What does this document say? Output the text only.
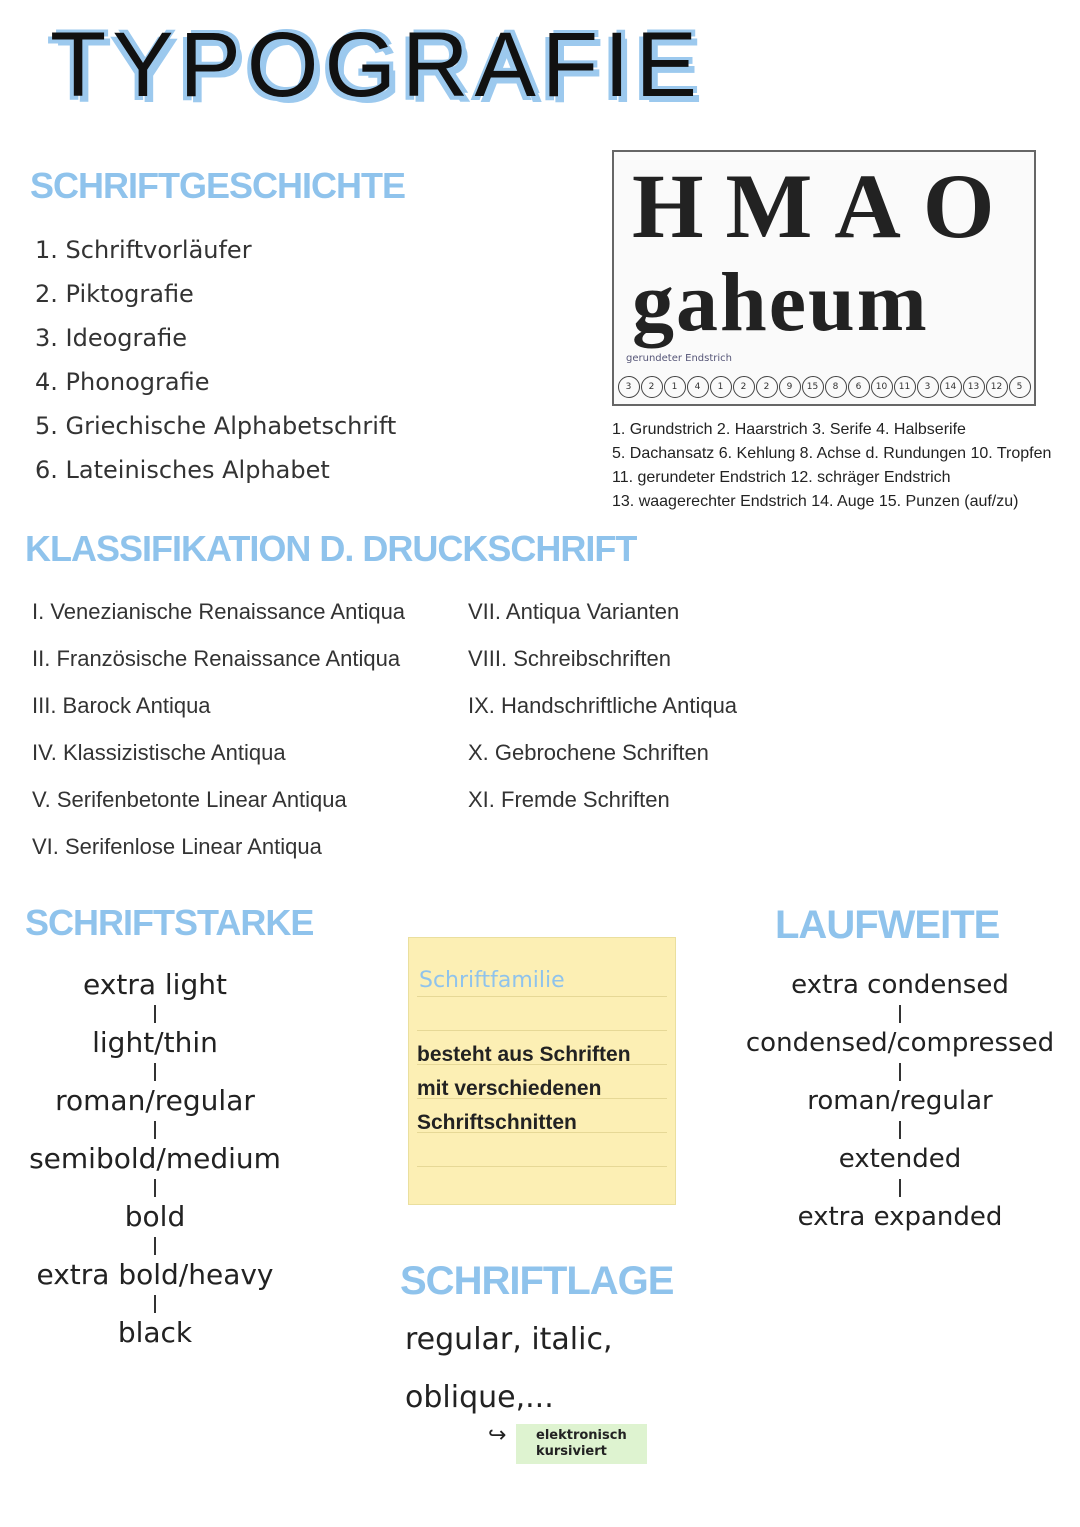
TYPOGRAFIE
SCHRIFTGESCHICHTE
1. Schriftvorläufer
2. Piktografie
3. Ideografie
4. Phonografie
5. Griechische Alphabetschrift
6. Lateinisches Alphabet
HMAO
gaheum
gerundeter Endstrich
3	2	1	4	1	2	2	9	15	8	6	10	11	3	14	13	12	5
1. Grundstrich 2. Haarstrich 3. Serife 4. Halbserife
5. Dachansatz 6. Kehlung 8. Achse d. Rundungen 10. Tropfen
11. gerundeter Endstrich 12. schräger Endstrich
13. waagerechter Endstrich 14. Auge 15. Punzen (auf/zu)
KLASSIFIKATION D. DRUCKSCHRIFT
I. Venezianische Renaissance Antiqua
II. Französische Renaissance Antiqua
III. Barock Antiqua
IV. Klassizistische Antiqua
V. Serifenbetonte Linear Antiqua
VI. Serifenlose Linear Antiqua
VII. Antiqua Varianten
VIII. Schreibschriften
IX. Handschriftliche Antiqua
X. Gebrochene Schriften
XI. Fremde Schriften
SCHRIFTSTARKE
extra light
light/thin
roman/regular
semibold/medium
bold
extra bold/heavy
black
Schriftfamilie
besteht aus Schriften
mit verschiedenen
Schriftschnitten
LAUFWEITE
extra condensed
condensed/compressed
roman/regular
extended
extra expanded
SCHRIFTLAGE
regular, italic,
oblique,...
↪ elektronisch
kursiviert
